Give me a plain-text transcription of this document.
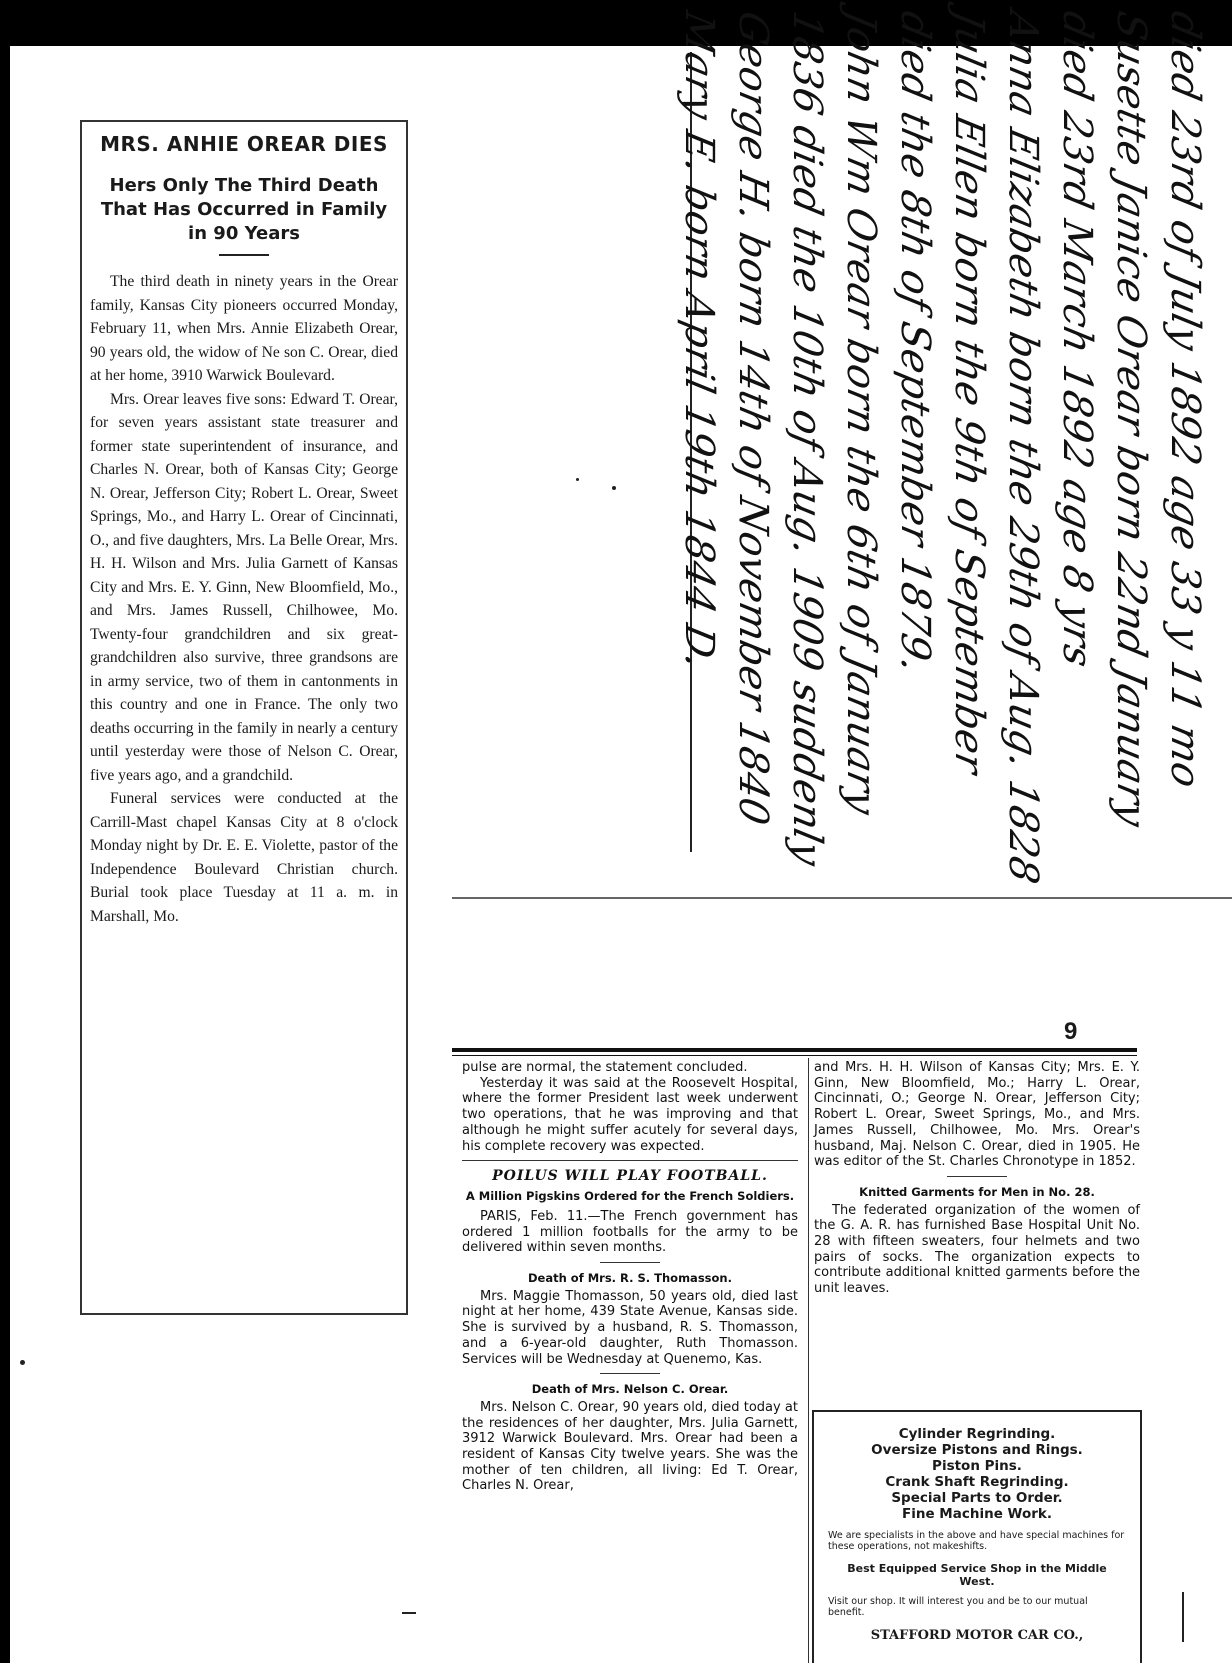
MRS. ANHIE OREAR DIES
Hers Only The Third Death That Has Occurred in Family in 90 Years

The third death in ninety years in the Orear family, Kansas City pioneers occurred Monday, February 11, when Mrs. Annie Elizabeth Orear, 90 years old, the widow of Ne son C. Orear, died at her home, 3910 Warwick Boulevard.

Mrs. Orear leaves five sons: Edward T. Orear, for seven years assistant state treasurer and former state superintendent of insurance, and Charles N. Orear, both of Kansas City; George N. Orear, Jefferson City; Robert L. Orear, Sweet Springs, Mo., and Harry L. Orear of Cincinnati, O., and five daughters, Mrs. La Belle Orear, Mrs. H. H. Wilson and Mrs. Julia Garnett of Kansas City and Mrs. E. Y. Ginn, New Bloomfield, Mo., and Mrs. James Russell, Chilhowee, Mo. Twenty-four grandchildren and six great-grandchildren also survive, three grandsons are in army service, two of them in cantonments in this country and one in France. The only two deaths occurring in the family in nearly a century until yesterday were those of Nelson C. Orear, five years ago, and a grandchild.

Funeral services were conducted at the Carrill-Mast chapel Kansas City at 8 o'clock Monday night by Dr. E. E. Violette, pastor of the Independence Boulevard Christian church. Burial took place Tuesday at 11 a. m. in Marshall, Mo.

died 23rd of July 1892 age 33 y 11 mo
Susette Janice Orear born 22nd January
died 23rd March 1892 age 8 yrs
Anna Elizabeth born the 29th of Aug. 1828
Julia Ellen born the 9th of September
died the 8th of September 1879.
John Wm Orear born the 6th of January
1836 died the 10th of Aug. 1909 suddenly
George H. born 14th of November 1840
Mary E. born April 19th 1844 D.
9

pulse are normal, the statement concluded.

Yesterday it was said at the Roosevelt Hospital, where the former President last week underwent two operations, that he was improving and that although he might suffer acutely for several days, his complete recovery was expected.

POILUS WILL PLAY FOOTBALL.
A Million Pigskins Ordered for the French Soldiers.

PARIS, Feb. 11.—The French government has ordered 1 million footballs for the army to be delivered within seven months.

Death of Mrs. R. S. Thomasson.

Mrs. Maggie Thomasson, 50 years old, died last night at her home, 439 State Avenue, Kansas side. She is survived by a husband, R. S. Thomasson, and a 6-year-old daughter, Ruth Thomasson. Services will be Wednesday at Quenemo, Kas.

Death of Mrs. Nelson C. Orear.

Mrs. Nelson C. Orear, 90 years old, died today at the residences of her daughter, Mrs. Julia Garnett, 3912 Warwick Boulevard. Mrs. Orear had been a resident of Kansas City twelve years. She was the mother of ten children, all living: Ed T. Orear, Charles N. Orear,

and Mrs. H. H. Wilson of Kansas City; Mrs. E. Y. Ginn, New Bloomfield, Mo.; Harry L. Orear, Cincinnati, O.; George N. Orear, Jefferson City; Robert L. Orear, Sweet Springs, Mo., and Mrs. James Russell, Chilhowee, Mo. Mrs. Orear's husband, Maj. Nelson C. Orear, died in 1905. He was editor of the St. Charles Chronotype in 1852.

Knitted Garments for Men in No. 28.

The federated organization of the women of the G. A. R. has furnished Base Hospital Unit No. 28 with fifteen sweaters, four helmets and two pairs of socks. The organization expects to contribute additional knitted garments before the unit leaves.

Cylinder Regrinding.
Oversize Pistons and Rings.
Piston Pins.
Crank Shaft Regrinding.
Special Parts to Order.
Fine Machine Work.
We are specialists in the above and have special machines for these operations, not makeshifts.
Best Equipped Service Shop in the Middle West.
Visit our shop. It will interest you and be to our mutual benefit.
STAFFORD MOTOR CAR CO.,
